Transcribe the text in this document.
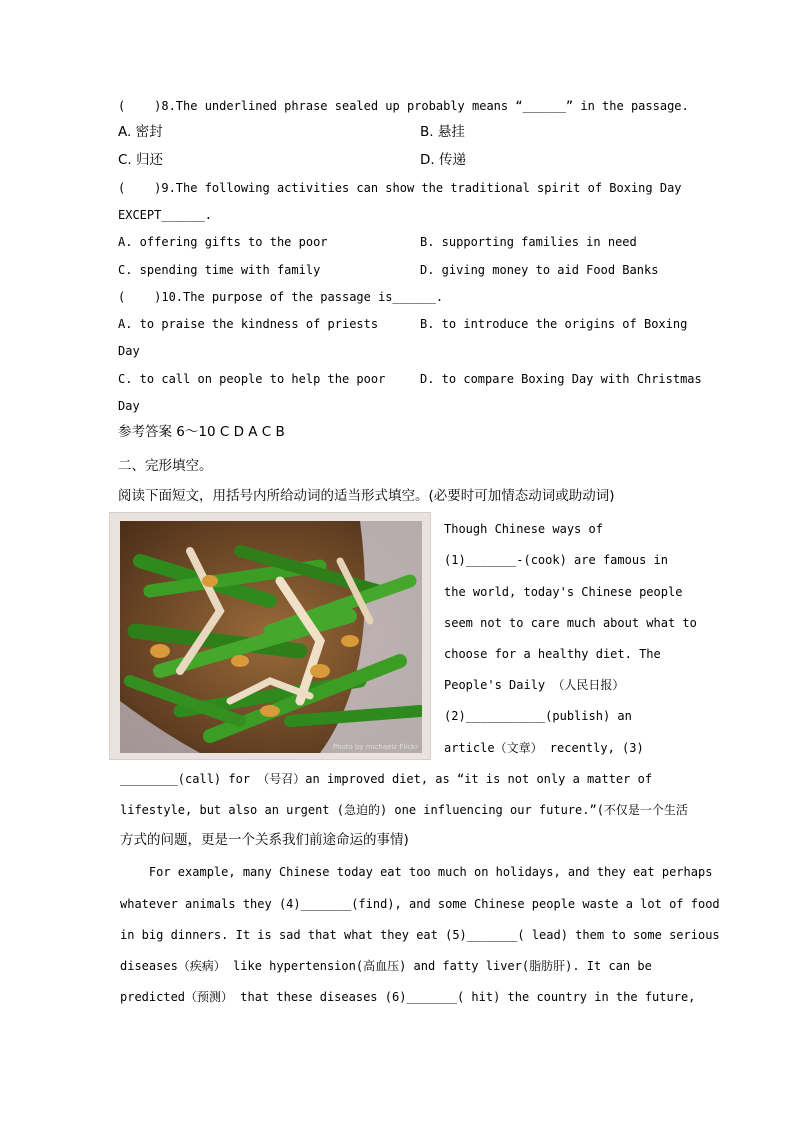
(    )8.The underlined phrase sealed up probably means “______” in the passage.
A. 密封	B. 悬挂
C. 归还	D. 传递
(    )9.The following activities can show the traditional spirit of Boxing Day
EXCEPT______.
A. offering gifts to the poor	B. supporting families in need
C. spending time with family	D. giving money to aid Food Banks
(    )10.The purpose of the passage is______.
A. to praise the kindness of priests	B. to introduce the origins of Boxing
Day
C. to call on people to help the poor	D. to compare Boxing Day with Christmas
Day
参考答案 6～10 C D A C B
二、完形填空。
阅读下面短文，用括号内所给动词的适当形式填空。(必要时可加情态动词或助动词)
Photo by michaelz Flickr
Though Chinese ways of
(1)_______-(cook) are famous in
the world, today's Chinese people
seem not to care much about what to
choose for a healthy diet. The
People's Daily （人民日报）
(2)___________(publish) an
article（文章） recently, (3)
________(call) for （号召）an improved diet, as “it is not only a matter of
lifestyle, but also an urgent (急迫的) one influencing our future.”(不仅是一个生活
方式的问题，更是一个关系我们前途命运的事情)
For example, many Chinese today eat too much on holidays, and they eat perhaps
whatever animals they (4)_______(find), and some Chinese people waste a lot of food
in big dinners. It is sad that what they eat (5)_______( lead) them to some serious
diseases（疾病） like hypertension(高血压) and fatty liver(脂肪肝). It can be
predicted（预测） that these diseases (6)_______( hit) the country in the future,
